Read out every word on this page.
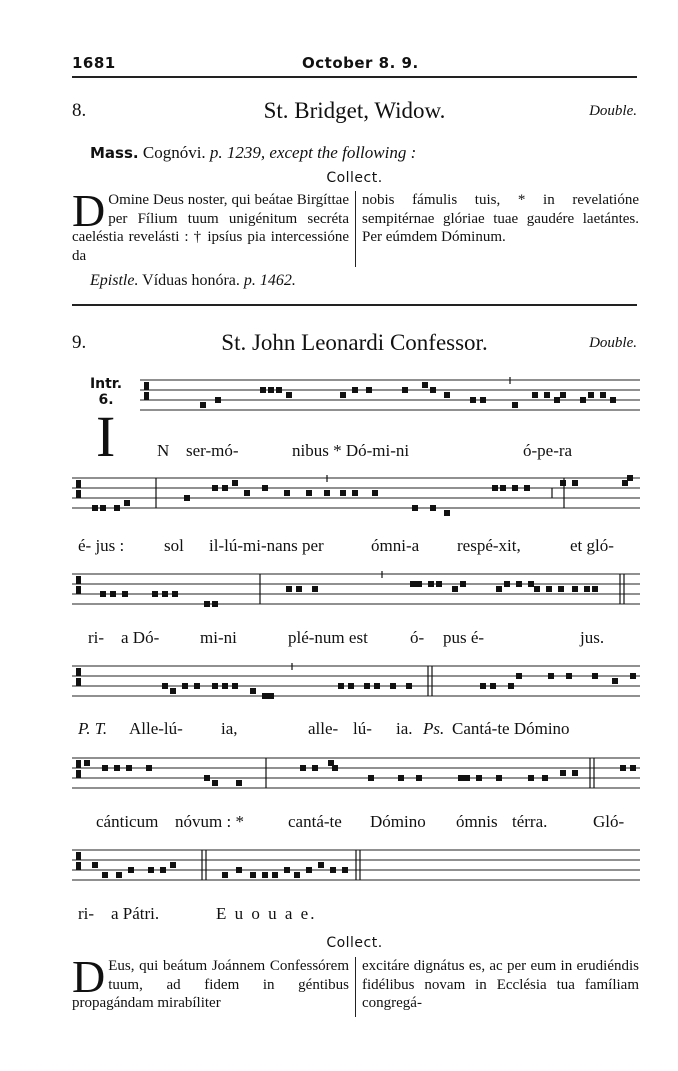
1681	October 8. 9.
8.	St. Bridget, Widow.	Double.
Mass. Cognóvi. p. 1239, except the following :
Collect.
D Omine Deus noster, qui beátae Birgíttae per Fílium tuum unigénitum secréta caeléstia revelásti : † ipsíus pia intercessióne da
nobis fámulis tuis, * in revelatióne sempitérnae glóriae tuae gaudére laetántes. Per eúmdem Dóminum.
Epistle. Víduas honóra. p. 1462.
9.	St. John Leonardi Confessor.	Double.
Intr.
6.
I N ser-mó-	nibus * Dó-mi-ni	ó-pe-ra
é- jus : sol il-lú-mi-nans per	ómni-a respé-xit,	et gló-
ri- a Dó- mi-ni	plé-num est ó- pus é-	jus.
P. T. Alle-lú- ia,	alle- lú- ia. Ps. Cantá-te Dómino
cánticum nóvum : *	cantá-te Dómino ómnis térra.	Gló-
ri- a Pátri.	E u o u a e.
Collect.
D Eus, qui beátum Joánnem Confessórem tuum, ad fidem in géntibus propagándam mirabíliter
excitáre dignátus es, ac per eum in erudiéndis fidélibus novam in Ecclésia tua famíliam congregá-
